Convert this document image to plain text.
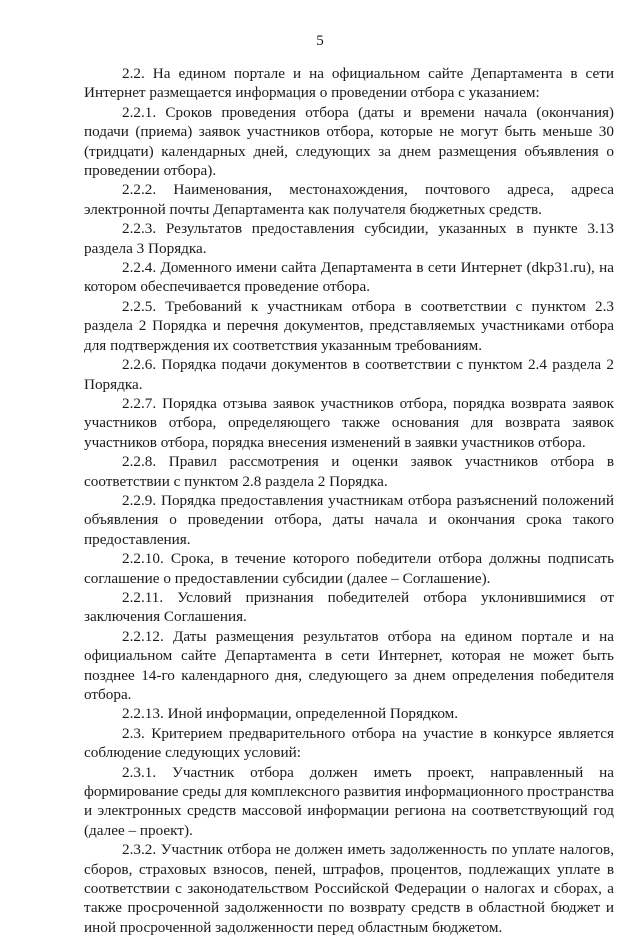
5

2.2. На едином портале и на официальном сайте Департамента в сети Интернет размещается информация о проведении отбора с указанием:

2.2.1. Сроков проведения отбора (даты и времени начала (окончания) подачи (приема) заявок участников отбора, которые не могут быть меньше 30 (тридцати) календарных дней, следующих за днем размещения объявления о проведении отбора).

2.2.2. Наименования, местонахождения, почтового адреса, адреса электронной почты Департамента как получателя бюджетных средств.

2.2.3. Результатов предоставления субсидии, указанных в пункте 3.13 раздела 3 Порядка.

2.2.4. Доменного имени сайта Департамента в сети Интернет (dkp31.ru), на котором обеспечивается проведение отбора.

2.2.5. Требований к участникам отбора в соответствии с пунктом 2.3 раздела 2 Порядка и перечня документов, представляемых участниками отбора для подтверждения их соответствия указанным требованиям.

2.2.6. Порядка подачи документов в соответствии с пунктом 2.4 раздела 2 Порядка.

2.2.7. Порядка отзыва заявок участников отбора, порядка возврата заявок участников отбора, определяющего также основания для возврата заявок участников отбора, порядка внесения изменений в заявки участников отбора.

2.2.8. Правил рассмотрения и оценки заявок участников отбора в соответствии с пунктом 2.8 раздела 2 Порядка.

2.2.9. Порядка предоставления участникам отбора разъяснений положений объявления о проведении отбора, даты начала и окончания срока такого предоставления.

2.2.10. Срока, в течение которого победители отбора должны подписать соглашение о предоставлении субсидии (далее – Соглашение).

2.2.11. Условий признания победителей отбора уклонившимися от заключения Соглашения.

2.2.12. Даты размещения результатов отбора на едином портале и на официальном сайте Департамента в сети Интернет, которая не может быть позднее 14-го календарного дня, следующего за днем определения победителя отбора.

2.2.13. Иной информации, определенной Порядком.

2.3. Критерием предварительного отбора на участие в конкурсе является соблюдение следующих условий:

2.3.1. Участник отбора должен иметь проект, направленный на формирование среды для комплексного развития информационного пространства и электронных средств массовой информации региона на соответствующий год (далее – проект).

2.3.2. Участник отбора не должен иметь задолженность по уплате налогов, сборов, страховых взносов, пеней, штрафов, процентов, подлежащих уплате в соответствии с законодательством Российской Федерации о налогах и сборах, а также просроченной задолженности по возврату средств в областной бюджет и иной просроченной задолженности перед областным бюджетом.
